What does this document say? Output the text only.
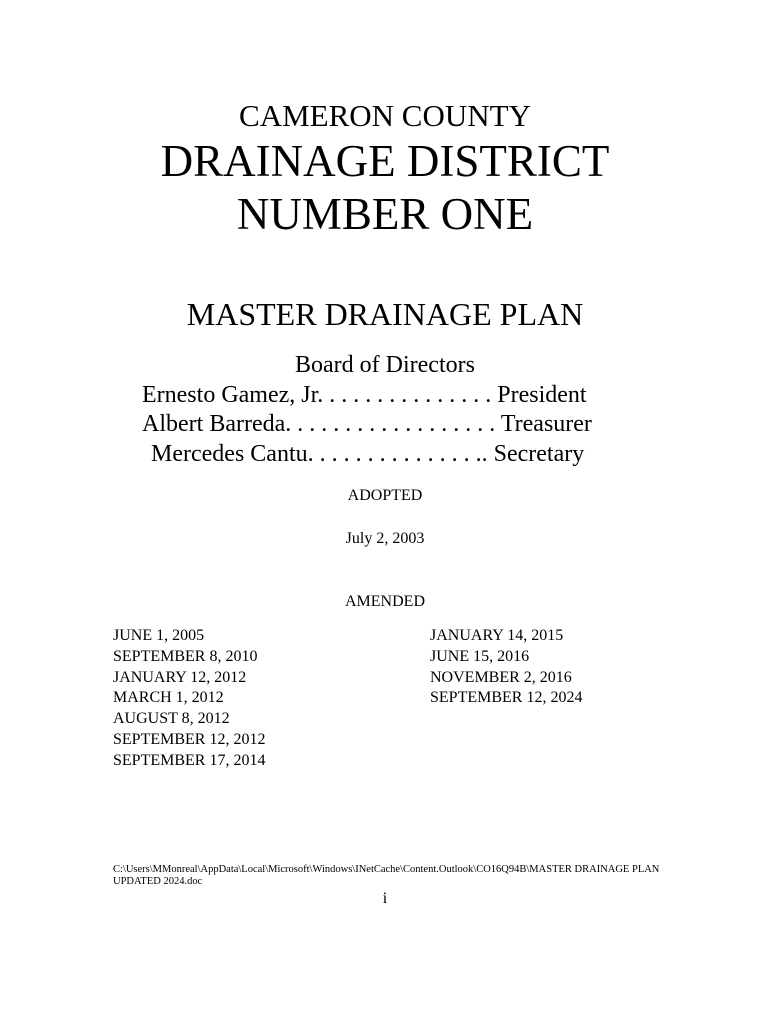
CAMERON COUNTY
DRAINAGE DISTRICT
NUMBER ONE
MASTER DRAINAGE PLAN
Board of Directors
Ernesto Gamez, Jr. . . . . . . . . . . . . . . President
Albert Barreda. . . . . . . . . . . . . . . . . . Treasurer
Mercedes Cantu. . . . . . . . . . . . . . .. Secretary
ADOPTED
July 2, 2003
AMENDED
JUNE 1, 2005
SEPTEMBER 8, 2010
JANUARY 12, 2012
MARCH 1, 2012
AUGUST 8, 2012
SEPTEMBER 12, 2012
SEPTEMBER 17, 2014
JANUARY 14, 2015
JUNE 15, 2016
NOVEMBER 2, 2016
SEPTEMBER 12, 2024
C:\Users\MMonreal\AppData\Local\Microsoft\Windows\INetCache\Content.Outlook\CO16Q94B\MASTER DRAINAGE PLAN UPDATED 2024.doc
i
